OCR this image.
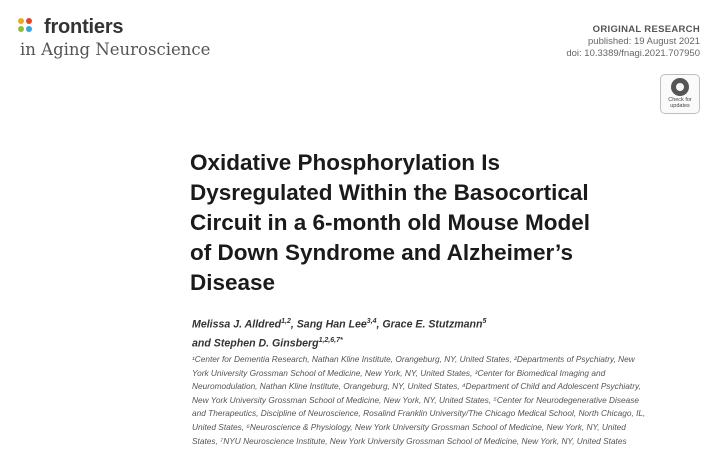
frontiers
in Aging Neuroscience
ORIGINAL RESEARCH
published: 19 August 2021
doi: 10.3389/fnagi.2021.707950
Check for updates
Oxidative Phosphorylation Is
Dysregulated Within the Basocortical
Circuit in a 6-month old Mouse Model
of Down Syndrome and Alzheimer’s
Disease
Melissa J. Alldred$^{1,2}$, Sang Han Lee$^{3,4}$, Grace E. Stutzmann$^5$
and Stephen D. Ginsberg$^{1,2,6,7*}$
¹Center for Dementia Research, Nathan Kline Institute, Orangeburg, NY, United States, ²Departments of Psychiatry, New
York University Grossman School of Medicine, New York, NY, United States, ³Center for Biomedical Imaging and
Neuromodulation, Nathan Kline Institute, Orangeburg, NY, United States, ⁴Department of Child and Adolescent Psychiatry,
New York University Grossman School of Medicine, New York, NY, United States, ⁵Center for Neurodegenerative Disease
and Therapeutics, Discipline of Neuroscience, Rosalind Franklin University/The Chicago Medical School, North Chicago, IL,
United States, ⁶Neuroscience & Physiology, New York University Grossman School of Medicine, New York, NY, United
States, ⁷NYU Neuroscience Institute, New York University Grossman School of Medicine, New York, NY, United States
